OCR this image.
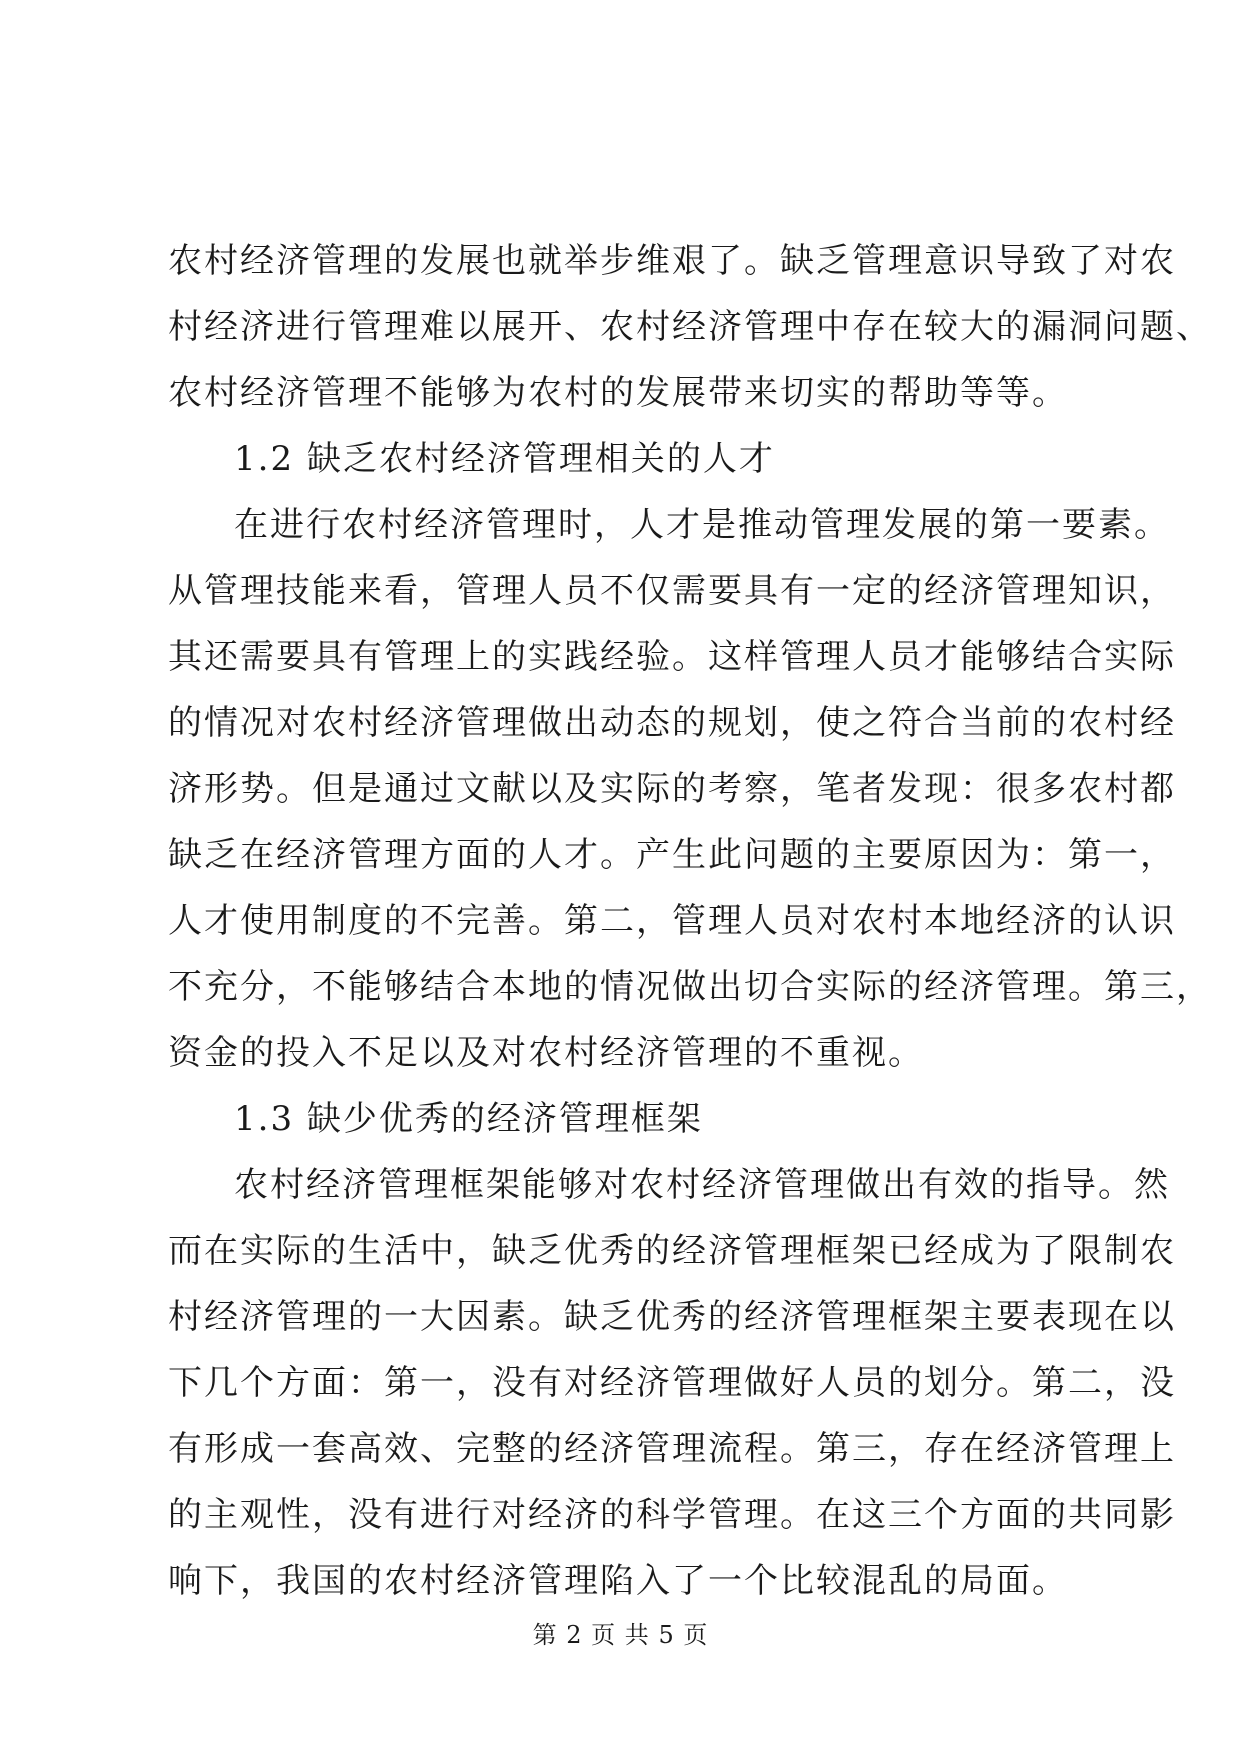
农村经济管理的发展也就举步维艰了。缺乏管理意识导致了对农
村经济进行管理难以展开、农村经济管理中存在较大的漏洞问题、
农村经济管理不能够为农村的发展带来切实的帮助等等。
1.2 缺乏农村经济管理相关的人才
在进行农村经济管理时，人才是推动管理发展的第一要素。
从管理技能来看，管理人员不仅需要具有一定的经济管理知识，
其还需要具有管理上的实践经验。这样管理人员才能够结合实际
的情况对农村经济管理做出动态的规划，使之符合当前的农村经
济形势。但是通过文献以及实际的考察，笔者发现：很多农村都
缺乏在经济管理方面的人才。产生此问题的主要原因为：第一，
人才使用制度的不完善。第二，管理人员对农村本地经济的认识
不充分，不能够结合本地的情况做出切合实际的经济管理。第三，
资金的投入不足以及对农村经济管理的不重视。
1.3 缺少优秀的经济管理框架
农村经济管理框架能够对农村经济管理做出有效的指导。然
而在实际的生活中，缺乏优秀的经济管理框架已经成为了限制农
村经济管理的一大因素。缺乏优秀的经济管理框架主要表现在以
下几个方面：第一，没有对经济管理做好人员的划分。第二，没
有形成一套高效、完整的经济管理流程。第三，存在经济管理上
的主观性，没有进行对经济的科学管理。在这三个方面的共同影
响下，我国的农村经济管理陷入了一个比较混乱的局面。
第 2 页 共 5 页
